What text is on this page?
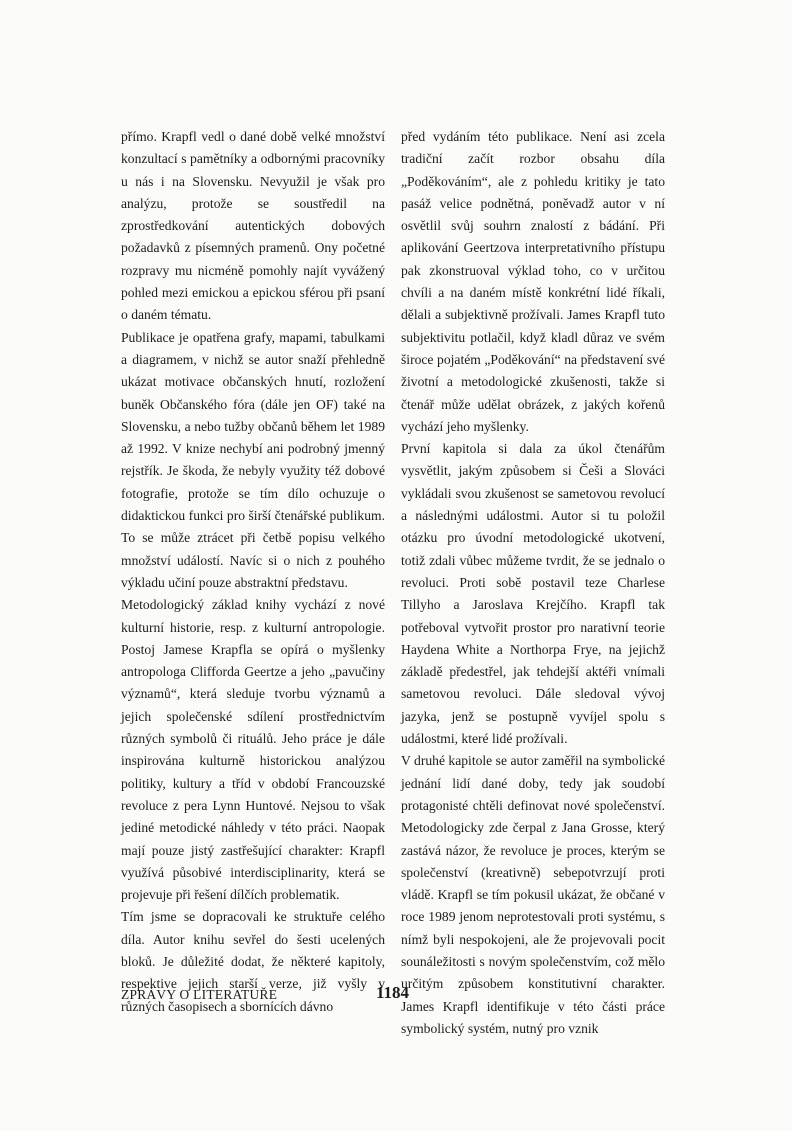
přímo. Krapfl vedl o dané době velké množství konzultací s pamětníky a odbornými pracovníky u nás i na Slovensku. Nevyužil je však pro analýzu, protože se soustředil na zprostředkování autentických dobových požadavků z písemných pramenů. Ony početné rozpravy mu nicméně pomohly najít vyvážený pohled mezi emickou a epickou sférou při psaní o daném tématu.

Publikace je opatřena grafy, mapami, tabulkami a diagramem, v nichž se autor snaží přehledně ukázat motivace občanských hnutí, rozložení buněk Občanského fóra (dále jen OF) také na Slovensku, a nebo tužby občanů během let 1989 až 1992. V knize nechybí ani podrobný jmenný rejstřík. Je škoda, že nebyly využity též dobové fotografie, protože se tím dílo ochuzuje o didaktickou funkci pro širší čtenářské publikum. To se může ztrácet při četbě popisu velkého množství událostí. Navíc si o nich z pouhého výkladu učiní pouze abstraktní představu.

Metodologický základ knihy vychází z nové kulturní historie, resp. z kulturní antropologie. Postoj Jamese Krapfla se opírá o myšlenky antropologa Clifforda Geertze a jeho „pavučiny významů“, která sleduje tvorbu významů a jejich společenské sdílení prostřednictvím různých symbolů či rituálů. Jeho práce je dále inspirována kulturně historickou analýzou politiky, kultury a tříd v období Francouzské revoluce z pera Lynn Huntové. Nejsou to však jediné metodické náhledy v této práci. Naopak mají pouze jistý zastřešující charakter: Krapfl využívá působivé interdisciplinarity, která se projevuje při řešení dílčích problematik.

Tím jsme se dopracovali ke struktuře celého díla. Autor knihu sevřel do šesti ucelených bloků. Je důležité dodat, že některé kapitoly, respektive jejich starší verze, již vyšly v různých časopisech a sbornících dávno

před vydáním této publikace. Není asi zcela tradiční začít rozbor obsahu díla „Poděkováním“, ale z pohledu kritiky je tato pasáž velice podnětná, poněvadž autor v ní osvětlil svůj souhrn znalostí z bádání. Při aplikování Geertzova interpretativního přístupu pak zkonstruoval výklad toho, co v určitou chvíli a na daném místě konkrétní lidé říkali, dělali a subjektivně prožívali. James Krapfl tuto subjektivitu potlačil, když kladl důraz ve svém široce pojatém „Poděkování“ na představení své životní a metodologické zkušenosti, takže si čtenář může udělat obrázek, z jakých kořenů vychází jeho myšlenky.

První kapitola si dala za úkol čtenářům vysvětlit, jakým způsobem si Češi a Slováci vykládali svou zkušenost se sametovou revolucí a následnými událostmi. Autor si tu položil otázku pro úvodní metodologické ukotvení, totiž zdali vůbec můžeme tvrdit, že se jednalo o revoluci. Proti sobě postavil teze Charlese Tillyho a Jaroslava Krejčího. Krapfl tak potřeboval vytvořit prostor pro narativní teorie Haydena White a Northorpa Frye, na jejichž základě předestřel, jak tehdejší aktéři vnímali sametovou revoluci. Dále sledoval vývoj jazyka, jenž se postupně vyvíjel spolu s událostmi, které lidé prožívali.

V druhé kapitole se autor zaměřil na symbolické jednání lidí dané doby, tedy jak soudobí protagonisté chtěli definovat nové společenství. Metodologicky zde čerpal z Jana Grosse, který zastává názor, že revoluce je proces, kterým se společenství (kreativně) sebepotvrzují proti vládě. Krapfl se tím pokusil ukázat, že občané v roce 1989 jenom neprotestovali proti systému, s nímž byli nespokojeni, ale že projevovali pocit sounáležitosti s novým společenstvím, což mělo určitým způsobem konstitutivní charakter. James Krapfl identifikuje v této části práce symbolický systém, nutný pro vznik

ZPRÁVY O LITERATUŘE	1184
